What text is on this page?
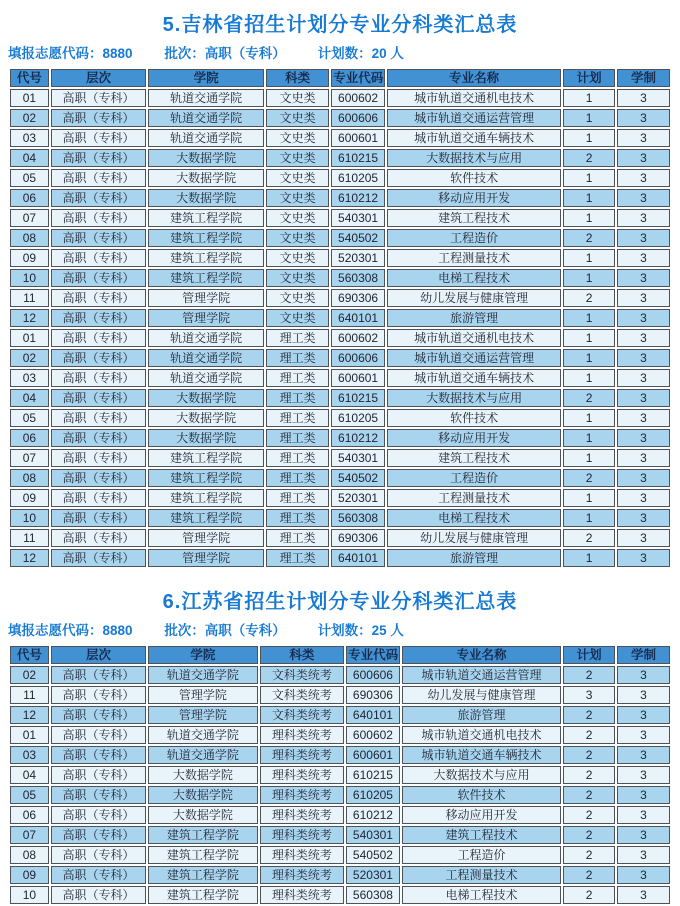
5.吉林省招生计划分专业分科类汇总表

填报志愿代码：8880 批次：高职（专科） 计划数：20 人

代号	层次	学院	科类	专业代码	专业名称	计划	学制
01	高职（专科）	轨道交通学院	文史类	600602	城市轨道交通机电技术	1	3
02	高职（专科）	轨道交通学院	文史类	600606	城市轨道交通运营管理	1	3
03	高职（专科）	轨道交通学院	文史类	600601	城市轨道交通车辆技术	1	3
04	高职（专科）	大数据学院	文史类	610215	大数据技术与应用	2	3
05	高职（专科）	大数据学院	文史类	610205	软件技术	1	3
06	高职（专科）	大数据学院	文史类	610212	移动应用开发	1	3
07	高职（专科）	建筑工程学院	文史类	540301	建筑工程技术	1	3
08	高职（专科）	建筑工程学院	文史类	540502	工程造价	2	3
09	高职（专科）	建筑工程学院	文史类	520301	工程测量技术	1	3
10	高职（专科）	建筑工程学院	文史类	560308	电梯工程技术	1	3
11	高职（专科）	管理学院	文史类	690306	幼儿发展与健康管理	2	3
12	高职（专科）	管理学院	文史类	640101	旅游管理	1	3
01	高职（专科）	轨道交通学院	理工类	600602	城市轨道交通机电技术	1	3
02	高职（专科）	轨道交通学院	理工类	600606	城市轨道交通运营管理	1	3
03	高职（专科）	轨道交通学院	理工类	600601	城市轨道交通车辆技术	1	3
04	高职（专科）	大数据学院	理工类	610215	大数据技术与应用	2	3
05	高职（专科）	大数据学院	理工类	610205	软件技术	1	3
06	高职（专科）	大数据学院	理工类	610212	移动应用开发	1	3
07	高职（专科）	建筑工程学院	理工类	540301	建筑工程技术	1	3
08	高职（专科）	建筑工程学院	理工类	540502	工程造价	2	3
09	高职（专科）	建筑工程学院	理工类	520301	工程测量技术	1	3
10	高职（专科）	建筑工程学院	理工类	560308	电梯工程技术	1	3
11	高职（专科）	管理学院	理工类	690306	幼儿发展与健康管理	2	3
12	高职（专科）	管理学院	理工类	640101	旅游管理	1	3
6.江苏省招生计划分专业分科类汇总表

填报志愿代码：8880 批次：高职（专科） 计划数：25 人

代号	层次	学院	科类	专业代码	专业名称	计划	学制
02	高职（专科）	轨道交通学院	文科类统考	600606	城市轨道交通运营管理	2	3
11	高职（专科）	管理学院	文科类统考	690306	幼儿发展与健康管理	3	3
12	高职（专科）	管理学院	文科类统考	640101	旅游管理	2	3
01	高职（专科）	轨道交通学院	理科类统考	600602	城市轨道交通机电技术	2	3
03	高职（专科）	轨道交通学院	理科类统考	600601	城市轨道交通车辆技术	2	3
04	高职（专科）	大数据学院	理科类统考	610215	大数据技术与应用	2	3
05	高职（专科）	大数据学院	理科类统考	610205	软件技术	2	3
06	高职（专科）	大数据学院	理科类统考	610212	移动应用开发	2	3
07	高职（专科）	建筑工程学院	理科类统考	540301	建筑工程技术	2	3
08	高职（专科）	建筑工程学院	理科类统考	540502	工程造价	2	3
09	高职（专科）	建筑工程学院	理科类统考	520301	工程测量技术	2	3
10	高职（专科）	建筑工程学院	理科类统考	560308	电梯工程技术	2	3
